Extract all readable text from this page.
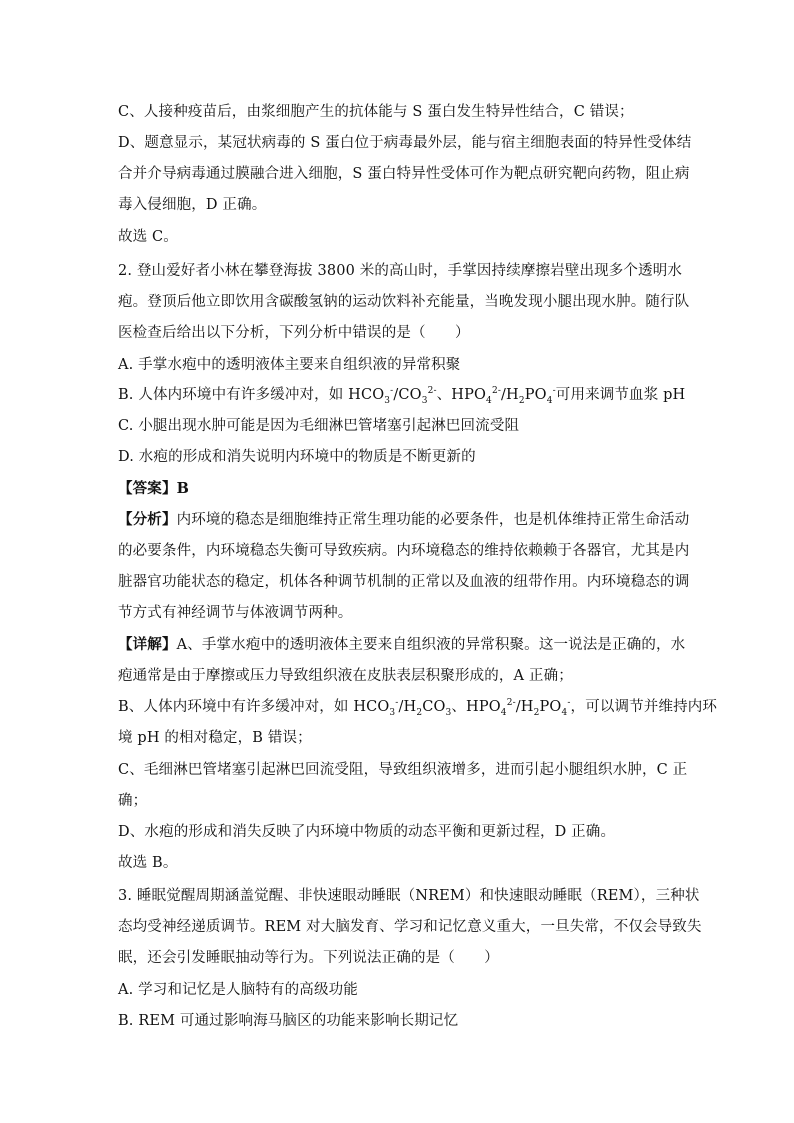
C、人接种疫苗后，由浆细胞产生的抗体能与 S 蛋白发生特异性结合，C 错误；
D、题意显示，某冠状病毒的 S 蛋白位于病毒最外层，能与宿主细胞表面的特异性受体结
合并介导病毒通过膜融合进入细胞，S 蛋白特异性受体可作为靶点研究靶向药物，阻止病
毒入侵细胞，D 正确。
故选 C。
2. 登山爱好者小林在攀登海拔 3800 米的高山时，手掌因持续摩擦岩壁出现多个透明水
疱。登顶后他立即饮用含碳酸氢钠的运动饮料补充能量，当晚发现小腿出现水肿。随行队
医检查后给出以下分析，下列分析中错误的是（　　）
A. 手掌水疱中的透明液体主要来自组织液的异常积聚
B. 人体内环境中有许多缓冲对，如 $HCO_3^-/CO_3^{2-}$、$HPO_4^{2-}/H_2PO_4^-$可用来调节血浆 pH
C. 小腿出现水肿可能是因为毛细淋巴管堵塞引起淋巴回流受阻
D. 水疱的形成和消失说明内环境中的物质是不断更新的
【答案】B
【分析】内环境的稳态是细胞维持正常生理功能的必要条件，也是机体维持正常生命活动
的必要条件，内环境稳态失衡可导致疾病。内环境稳态的维持依赖赖于各器官，尤其是内
脏器官功能状态的稳定，机体各种调节机制的正常以及血液的纽带作用。内环境稳态的调
节方式有神经调节与体液调节两种。
【详解】A、手掌水疱中的透明液体主要来自组织液的异常积聚。这一说法是正确的，水
疱通常是由于摩擦或压力导致组织液在皮肤表层积聚形成的，A 正确；
B、人体内环境中有许多缓冲对，如 $HCO_3^-/H_2CO_3$、$HPO_4^{2-}/H_2PO_4^-$，可以调节并维持内环
境 pH 的相对稳定，B 错误；
C、毛细淋巴管堵塞引起淋巴回流受阻，导致组织液增多，进而引起小腿组织水肿，C 正
确；
D、水疱的形成和消失反映了内环境中物质的动态平衡和更新过程，D 正确。
故选 B。
3. 睡眠觉醒周期涵盖觉醒、非快速眼动睡眠（NREM）和快速眼动睡眠（REM），三种状
态均受神经递质调节。REM 对大脑发育、学习和记忆意义重大，一旦失常，不仅会导致失
眠，还会引发睡眠抽动等行为。下列说法正确的是（　　）
A. 学习和记忆是人脑特有的高级功能
B. REM 可通过影响海马脑区的功能来影响长期记忆
